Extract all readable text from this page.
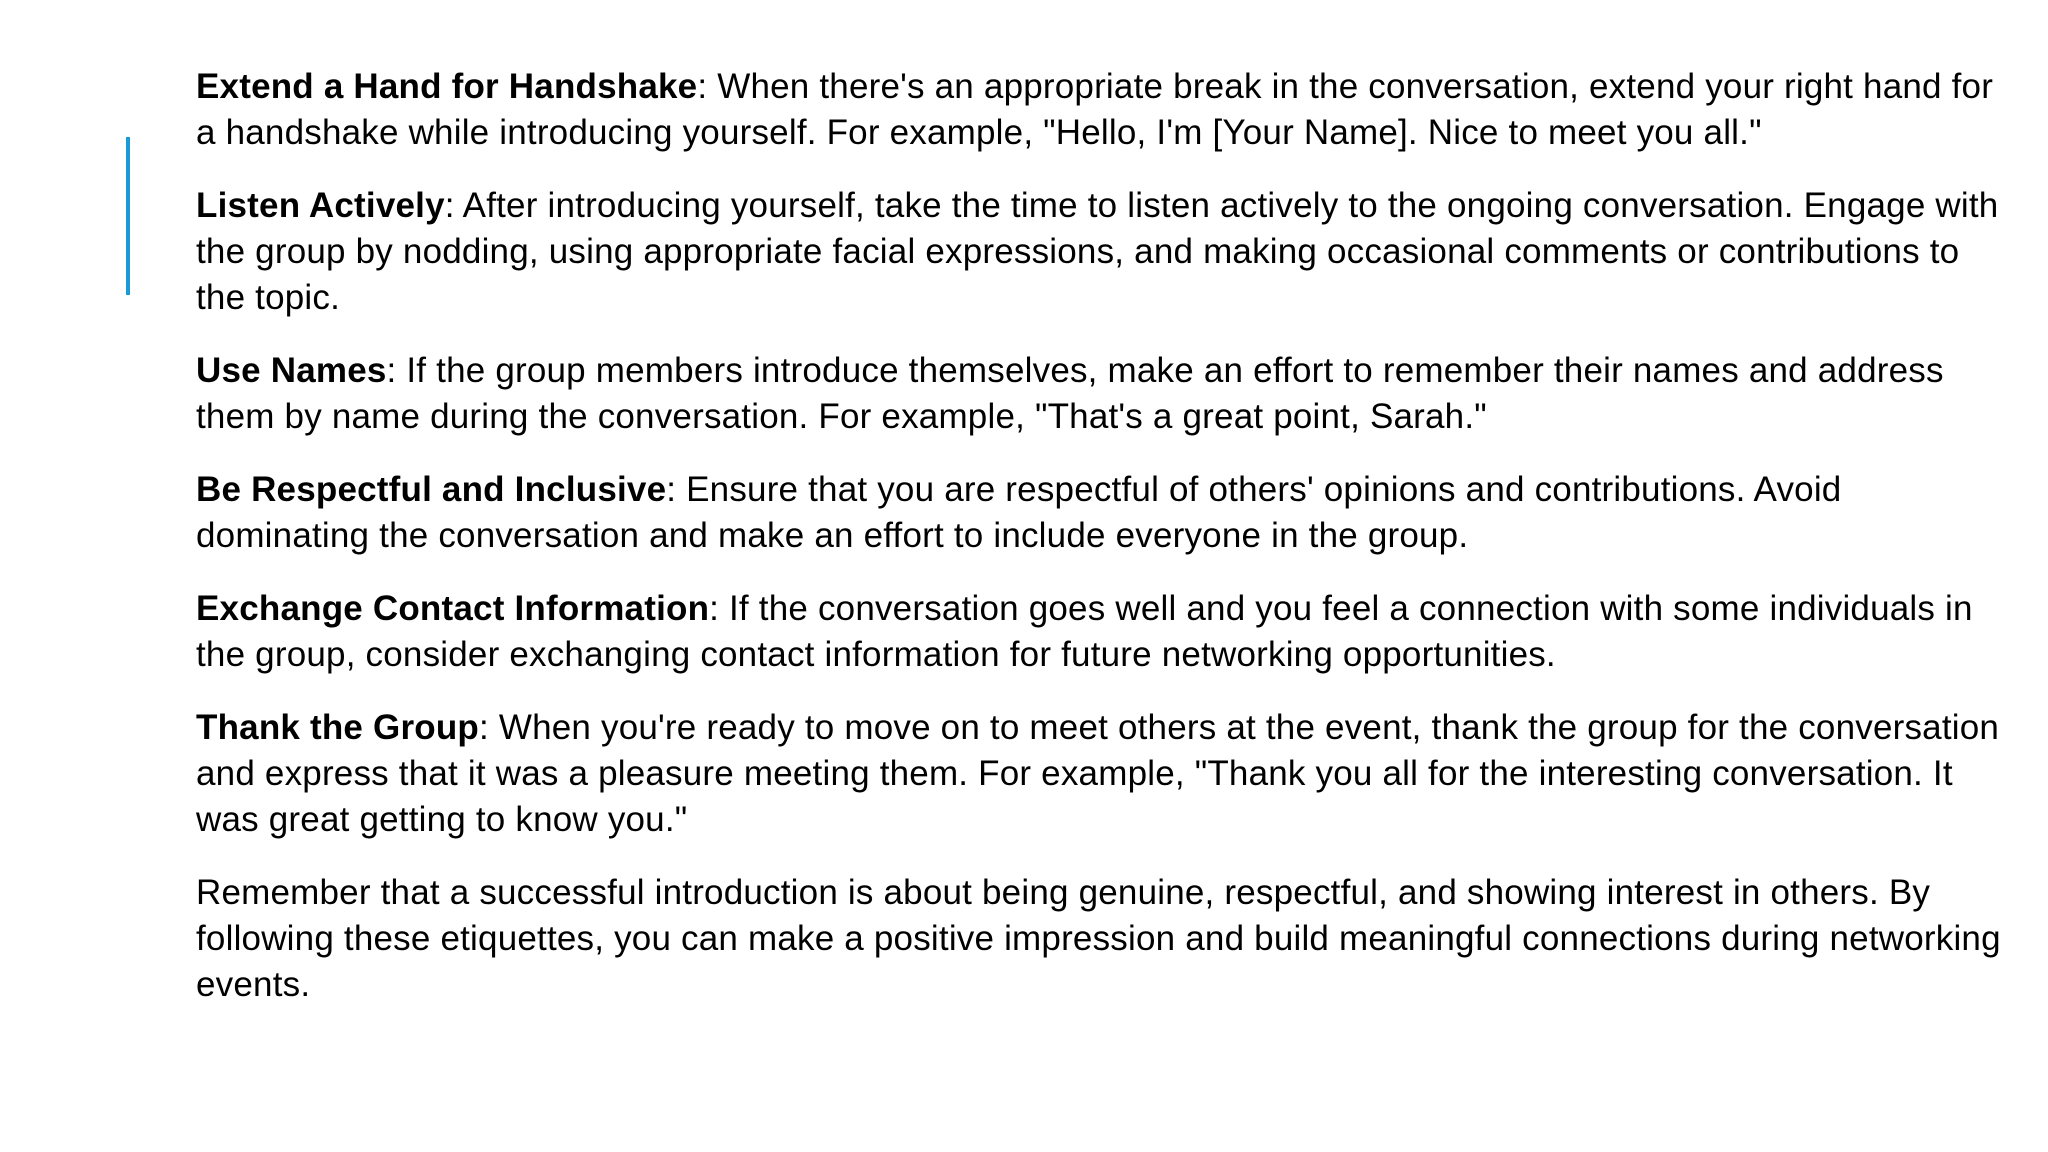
Extend a Hand for Handshake: When there's an appropriate break in the conversation, extend your right hand for a handshake while introducing yourself. For example, "Hello, I'm [Your Name]. Nice to meet you all."

Listen Actively: After introducing yourself, take the time to listen actively to the ongoing conversation. Engage with the group by nodding, using appropriate facial expressions, and making occasional comments or contributions to the topic.

Use Names: If the group members introduce themselves, make an effort to remember their names and address them by name during the conversation. For example, "That's a great point, Sarah."

Be Respectful and Inclusive: Ensure that you are respectful of others' opinions and contributions. Avoid dominating the conversation and make an effort to include everyone in the group.

Exchange Contact Information: If the conversation goes well and you feel a connection with some individuals in the group, consider exchanging contact information for future networking opportunities.

Thank the Group: When you're ready to move on to meet others at the event, thank the group for the conversation and express that it was a pleasure meeting them. For example, "Thank you all for the interesting conversation. It was great getting to know you."

Remember that a successful introduction is about being genuine, respectful, and showing interest in others. By following these etiquettes, you can make a positive impression and build meaningful connections during networking events.
